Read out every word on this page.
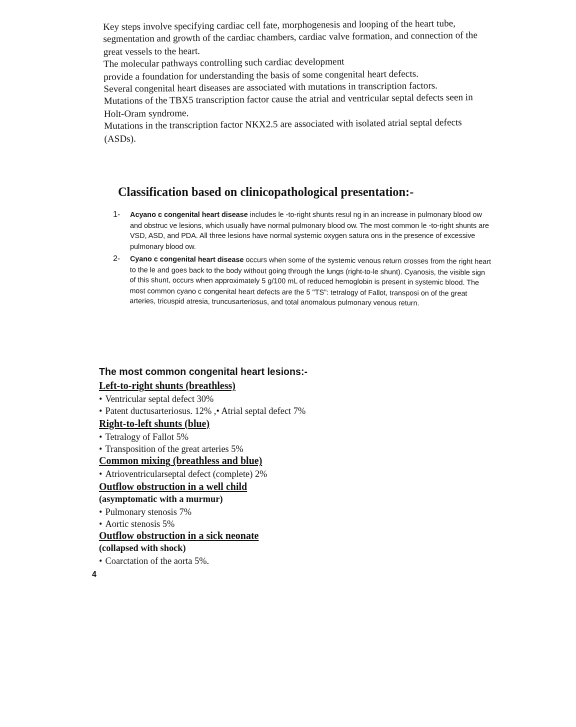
Key steps involve specifying cardiac cell fate, morphogenesis and looping of the heart tube,

segmentation and growth of the cardiac chambers, cardiac valve formation, and connection of the

great vessels to the heart.

The molecular pathways controlling such cardiac development

provide a foundation for understanding the basis of some congenital heart defects.

Several congenital heart diseases are associated with mutations in transcription factors.

Mutations of the TBX5 transcription factor cause the atrial and ventricular septal defects seen in

Holt-Oram syndrome.

Mutations in the transcription factor NKX2.5 are associated with isolated atrial septal defects

(ASDs).

Classification based on clinicopathological presentation:-
1- Acyano c congenital heart disease includes le -to-right shunts resul ng in an increase in pulmonary blood ow and obstruc ve lesions, which usually have normal pulmonary blood ow. The most common le -to-right shunts are VSD, ASD, and PDA. All three lesions have normal systemic oxygen satura ons in the presence of excessive pulmonary blood ow.
2- Cyano c congenital heart disease occurs when some of the systemic venous return crosses from the right heart to the le and goes back to the body without going through the lungs (right-to-le shunt). Cyanosis, the visible sign of this shunt, occurs when approximately 5 g/100 mL of reduced hemoglobin is present in systemic blood. The most common cyano c congenital heart defects are the 5 "TS": tetralogy of Fallot, transposi on of the great arteries, tricuspid atresia, truncusarteriosus, and total anomalous pulmonary venous return.

The most common congenital heart lesions:-

Left-to-right shunts (breathless)

• Ventricular septal defect 30%

• Patent ductusarteriosus. 12% ,• Atrial septal defect 7%

Right-to-left shunts (blue)

• Tetralogy of Fallot 5%

• Transposition of the great arteries 5%

Common mixing (breathless and blue)

• Atrioventricularseptal defect (complete) 2%

Outflow obstruction in a well child

(asymptomatic with a murmur)

• Pulmonary stenosis 7%

• Aortic stenosis 5%

Outflow obstruction in a sick neonate

(collapsed with shock)

• Coarctation of the aorta 5%.

4
